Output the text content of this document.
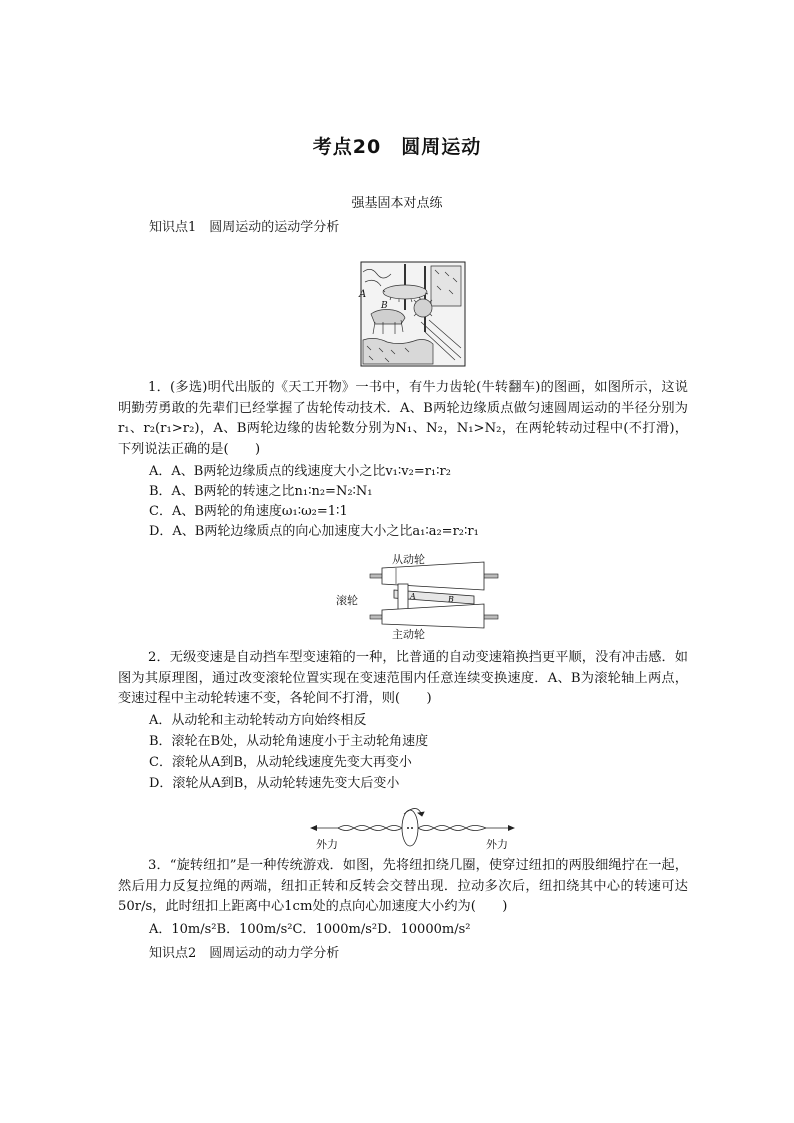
考点20　圆周运动
强基固本对点练
知识点1　圆周运动的运动学分析
A
B
1．(多选)明代出版的《天工开物》一书中，有牛力齿轮(牛转翻车)的图画，如图所示，这说明勤劳勇敢的先辈们已经掌握了齿轮传动技术．A、B两轮边缘质点做匀速圆周运动的半径分别为r₁、r₂(r₁>r₂)，A、B两轮边缘的齿轮数分别为N₁、N₂，N₁>N₂，在两轮转动过程中(不打滑)，下列说法正确的是(　　)
A．A、B两轮边缘质点的线速度大小之比v₁∶v₂=r₁∶r₂
B．A、B两轮的转速之比n₁∶n₂=N₂∶N₁
C．A、B两轮的角速度ω₁∶ω₂=1∶1
D．A、B两轮边缘质点的向心加速度大小之比a₁∶a₂=r₂∶r₁
从动轮
A	B
滚轮
主动轮
2．无级变速是自动挡车型变速箱的一种，比普通的自动变速箱换挡更平顺，没有冲击感．如图为其原理图，通过改变滚轮位置实现在变速范围内任意连续变换速度．A、B为滚轮轴上两点，变速过程中主动轮转速不变，各轮间不打滑，则(　　)
A．从动轮和主动轮转动方向始终相反
B．滚轮在B处，从动轮角速度小于主动轮角速度
C．滚轮从A到B，从动轮线速度先变大再变小
D．滚轮从A到B，从动轮转速先变大后变小
外力	外力
3．“旋转纽扣”是一种传统游戏．如图，先将纽扣绕几圈，使穿过纽扣的两股细绳拧在一起，然后用力反复拉绳的两端，纽扣正转和反转会交替出现．拉动多次后，纽扣绕其中心的转速可达50r/s，此时纽扣上距离中心1cm处的点向心加速度大小约为(　　)
A．10m/s²B．100m/s²C．1000m/s²D．10000m/s²
知识点2　圆周运动的动力学分析
